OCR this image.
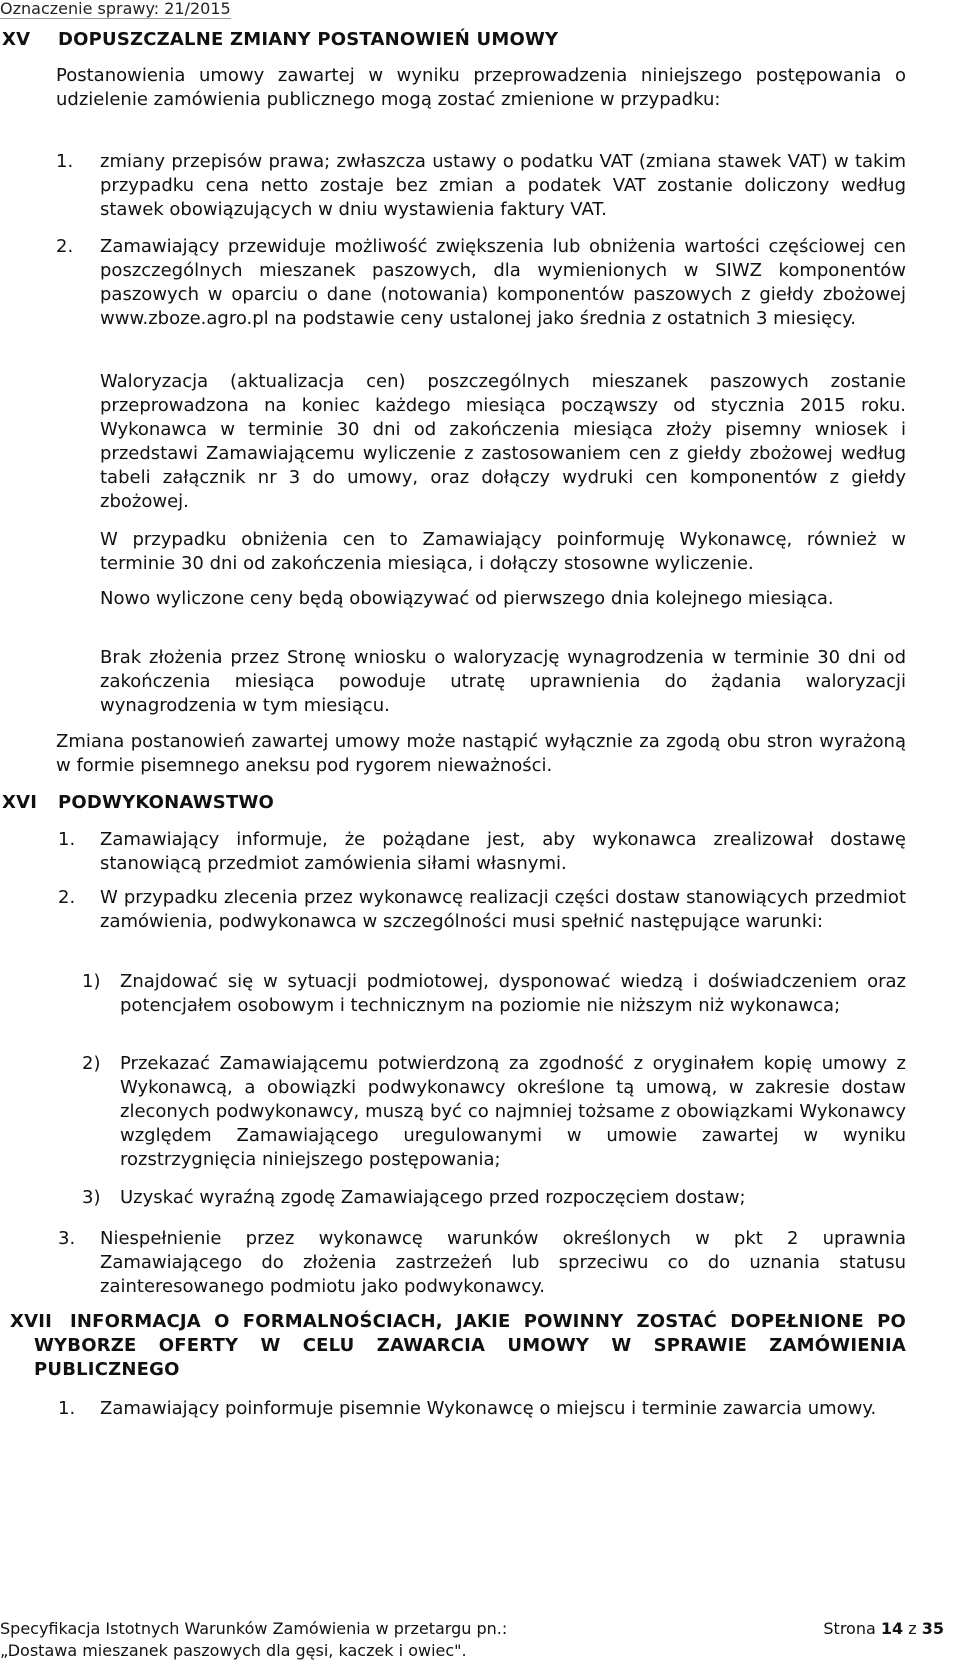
Oznaczenie sprawy: 21/2015
XV DOPUSZCZALNE ZMIANY POSTANOWIEŃ UMOWY
Postanowienia umowy zawartej w wyniku przeprowadzenia niniejszego postępowania o udzielenie zamówienia publicznego mogą zostać zmienione w przypadku:
1. zmiany przepisów prawa; zwłaszcza ustawy o podatku VAT (zmiana stawek VAT) w takim przypadku cena netto zostaje bez zmian a podatek VAT zostanie doliczony według stawek obowiązujących w dniu wystawienia faktury VAT.
2. Zamawiający przewiduje możliwość zwiększenia lub obniżenia wartości częściowej cen poszczególnych mieszanek paszowych, dla wymienionych w SIWZ komponentów paszowych w oparciu o dane (notowania) komponentów paszowych z giełdy zbożowej www.zboze.agro.pl na podstawie ceny ustalonej jako średnia z ostatnich 3 miesięcy.
Waloryzacja (aktualizacja cen) poszczególnych mieszanek paszowych zostanie przeprowadzona na koniec każdego miesiąca począwszy od stycznia 2015 roku. Wykonawca w terminie 30 dni od zakończenia miesiąca złoży pisemny wniosek i przedstawi Zamawiającemu wyliczenie z zastosowaniem cen z giełdy zbożowej według tabeli załącznik nr 3 do umowy, oraz dołączy wydruki cen komponentów z giełdy zbożowej.
W przypadku obniżenia cen to Zamawiający poinformuję Wykonawcę, również w terminie 30 dni od zakończenia miesiąca, i dołączy stosowne wyliczenie.
Nowo wyliczone ceny będą obowiązywać od pierwszego dnia kolejnego miesiąca.
Brak złożenia przez Stronę wniosku o waloryzację wynagrodzenia w terminie 30 dni od zakończenia miesiąca powoduje utratę uprawnienia do żądania waloryzacji wynagrodzenia w tym miesiącu.
Zmiana postanowień zawartej umowy może nastąpić wyłącznie za zgodą obu stron wyrażoną w formie pisemnego aneksu pod rygorem nieważności.
XVI PODWYKONAWSTWO
1. Zamawiający informuje, że pożądane jest, aby wykonawca zrealizował dostawę stanowiącą przedmiot zamówienia siłami własnymi.
2. W przypadku zlecenia przez wykonawcę realizacji części dostaw stanowiących przedmiot zamówienia, podwykonawca w szczególności musi spełnić następujące warunki:
1) Znajdować się w sytuacji podmiotowej, dysponować wiedzą i doświadczeniem oraz potencjałem osobowym i technicznym na poziomie nie niższym niż wykonawca;
2) Przekazać Zamawiającemu potwierdzoną za zgodność z oryginałem kopię umowy z Wykonawcą, a obowiązki podwykonawcy określone tą umową, w zakresie dostaw zleconych podwykonawcy, muszą być co najmniej tożsame z obowiązkami Wykonawcy względem Zamawiającego uregulowanymi w umowie zawartej w wyniku rozstrzygnięcia niniejszego postępowania;
3) Uzyskać wyraźną zgodę Zamawiającego przed rozpoczęciem dostaw;
3. Niespełnienie przez wykonawcę warunków określonych w pkt 2 uprawnia Zamawiającego do złożenia zastrzeżeń lub sprzeciwu co do uznania statusu zainteresowanego podmiotu jako podwykonawcy.
XVII INFORMACJA O FORMALNOŚCIACH, JAKIE POWINNY ZOSTAĆ DOPEŁNIONE PO WYBORZE OFERTY W CELU ZAWARCIA UMOWY W SPRAWIE ZAMÓWIENIA PUBLICZNEGO
1. Zamawiający poinformuje pisemnie Wykonawcę o miejscu i terminie zawarcia umowy.
Specyfikacja Istotnych Warunków Zamówienia w przetargu pn.:
„Dostawa mieszanek paszowych dla gęsi, kaczek i owiec".
Strona 14 z 35
